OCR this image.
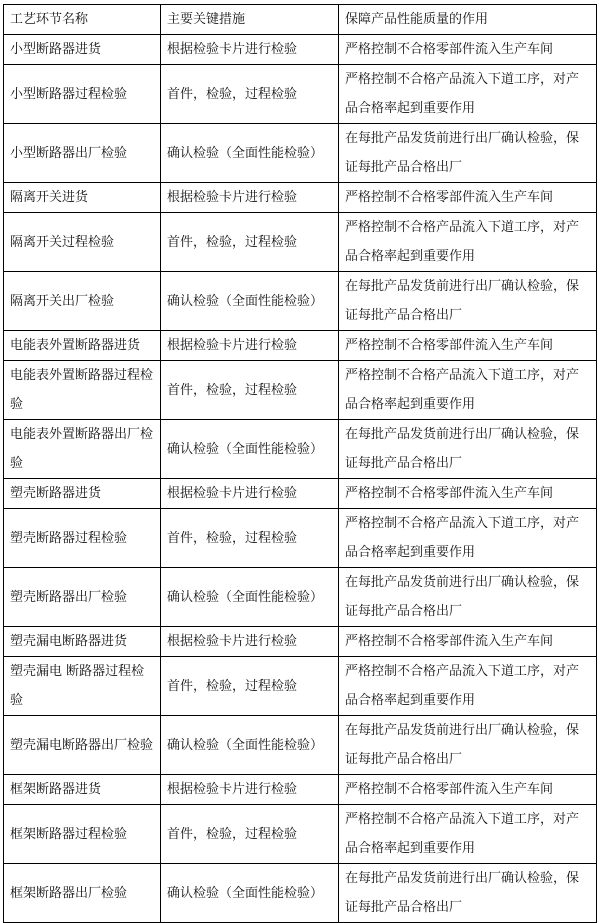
工艺环节名称	主要关键措施	保障产品性能质量的作用
小型断路器进货	根据检验卡片进行检验	严格控制不合格零部件流入生产车间
小型断路器过程检验	首件，检验，过程检验	严格控制不合格产品流入下道工序，对产品合格率起到重要作用
小型断路器出厂检验	确认检验（全面性能检验）	在每批产品发货前进行出厂确认检验，保证每批产品合格出厂
隔离开关进货	根据检验卡片进行检验	严格控制不合格零部件流入生产车间
隔离开关过程检验	首件，检验，过程检验	严格控制不合格产品流入下道工序，对产品合格率起到重要作用
隔离开关出厂检验	确认检验（全面性能检验）	在每批产品发货前进行出厂确认检验，保证每批产品合格出厂
电能表外置断路器进货	根据检验卡片进行检验	严格控制不合格零部件流入生产车间
电能表外置断路器过程检验	首件，检验，过程检验	严格控制不合格产品流入下道工序，对产品合格率起到重要作用
电能表外置断路器出厂检验	确认检验（全面性能检验）	在每批产品发货前进行出厂确认检验，保证每批产品合格出厂
塑壳断路器进货	根据检验卡片进行检验	严格控制不合格零部件流入生产车间
塑壳断路器过程检验	首件，检验，过程检验	严格控制不合格产品流入下道工序，对产品合格率起到重要作用
塑壳断路器出厂检验	确认检验（全面性能检验）	在每批产品发货前进行出厂确认检验，保证每批产品合格出厂
塑壳漏电断路器进货	根据检验卡片进行检验	严格控制不合格零部件流入生产车间
塑壳漏电 断路器过程检验	首件，检验，过程检验	严格控制不合格产品流入下道工序，对产品合格率起到重要作用
塑壳漏电断路器出厂检验	确认检验（全面性能检验）	在每批产品发货前进行出厂确认检验，保证每批产品合格出厂
框架断路器进货	根据检验卡片进行检验	严格控制不合格零部件流入生产车间
框架断路器过程检验	首件，检验，过程检验	严格控制不合格产品流入下道工序，对产品合格率起到重要作用
框架断路器出厂检验	确认检验（全面性能检验）	在每批产品发货前进行出厂确认检验，保证每批产品合格出厂
